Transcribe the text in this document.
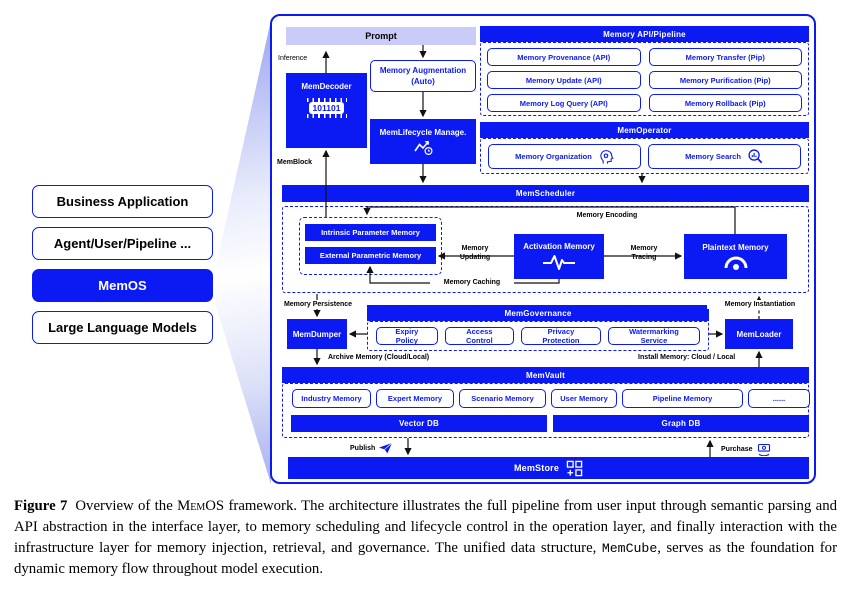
Business Application
Agent/User/Pipeline ...
MemOS
Large Language Models
Prompt
Inference
MemDecoder
101101
MemBlock
Memory Augmentation
(Auto)
MemLifecycle Manage.
Memory API/Pipeline
Memory Provenance (API)
Memory Update (API)
Memory Log Query (API)
Memory Transfer (Pip)
Memory Purification (Pip)
Memory Rollback (Pip)
MemOperator
Memory Organization	Memory Search
MemScheduler
Intrinsic Parameter Memory
External Parametric Memory
Activation Memory	Plaintext Memory
Memory Encoding
Memory
Updating
Memory
Tracing
Memory Caching
Memory Persistence	Memory Instantiation
MemDumper
MemGovernance
Expiry Policy
Access Control
Privacy Protection
Watermarking Service
MemLoader
Archive Memory (Cloud/Local)	Install Memory: Cloud / Local
MemVault
Industry Memory	Expert Memory	Scenario Memory	User Memory	Pipeline Memory	......
Vector DB	Graph DB
Publish	Purchase
MemStore

Figure 7 Overview of the MemOS framework. The architecture illustrates the full pipeline from user input through semantic parsing and API abstraction in the interface layer, to memory scheduling and lifecycle control in the operation layer, and finally interaction with the infrastructure layer for memory injection, retrieval, and governance. The unified data structure, MemCube, serves as the foundation for dynamic memory flow throughout model execution.
